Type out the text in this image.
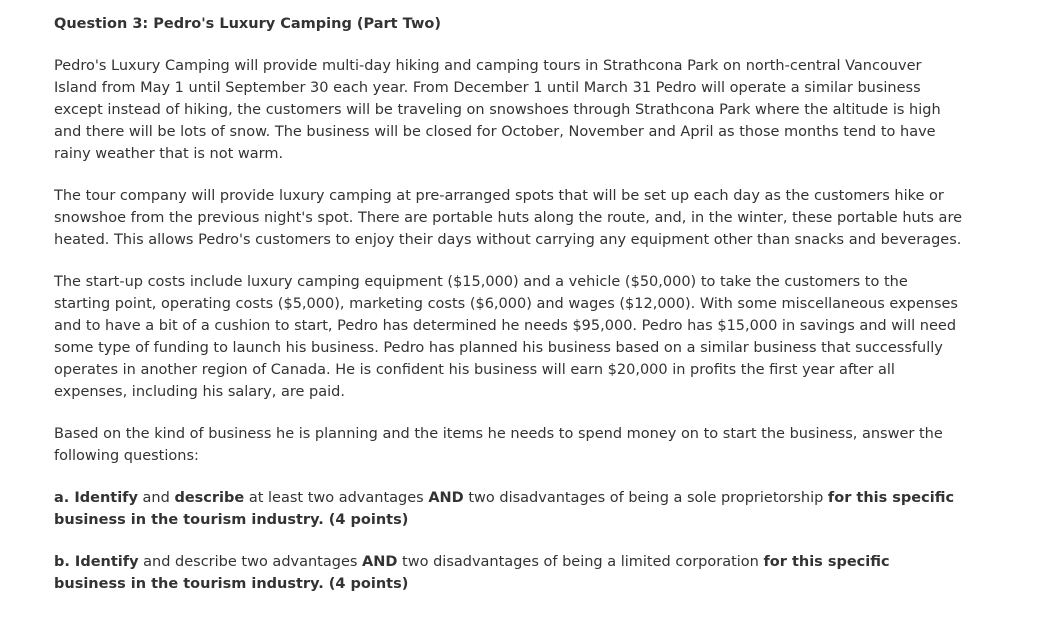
Question 3: Pedro's Luxury Camping (Part Two)

Pedro's Luxury Camping will provide multi-day hiking and camping tours in Strathcona Park on north-central Vancouver Island from May 1 until September 30 each year. From December 1 until March 31 Pedro will operate a similar business except instead of hiking, the customers will be traveling on snowshoes through Strathcona Park where the altitude is high and there will be lots of snow. The business will be closed for October, November and April as those months tend to have rainy weather that is not warm.

The tour company will provide luxury camping at pre-arranged spots that will be set up each day as the customers hike or snowshoe from the previous night's spot. There are portable huts along the route, and, in the winter, these portable huts are heated. This allows Pedro's customers to enjoy their days without carrying any equipment other than snacks and beverages.

The start-up costs include luxury camping equipment ($15,000) and a vehicle ($50,000) to take the customers to the starting point, operating costs ($5,000), marketing costs ($6,000) and wages ($12,000). With some miscellaneous expenses and to have a bit of a cushion to start, Pedro has determined he needs $95,000. Pedro has $15,000 in savings and will need some type of funding to launch his business. Pedro has planned his business based on a similar business that successfully operates in another region of Canada. He is confident his business will earn $20,000 in profits the first year after all expenses, including his salary, are paid.

Based on the kind of business he is planning and the items he needs to spend money on to start the business, answer the following questions:

a. Identify and describe at least two advantages AND two disadvantages of being a sole proprietorship for this specific business in the tourism industry. (4 points)

b. Identify and describe two advantages AND two disadvantages of being a limited corporation for this specific business in the tourism industry. (4 points)
